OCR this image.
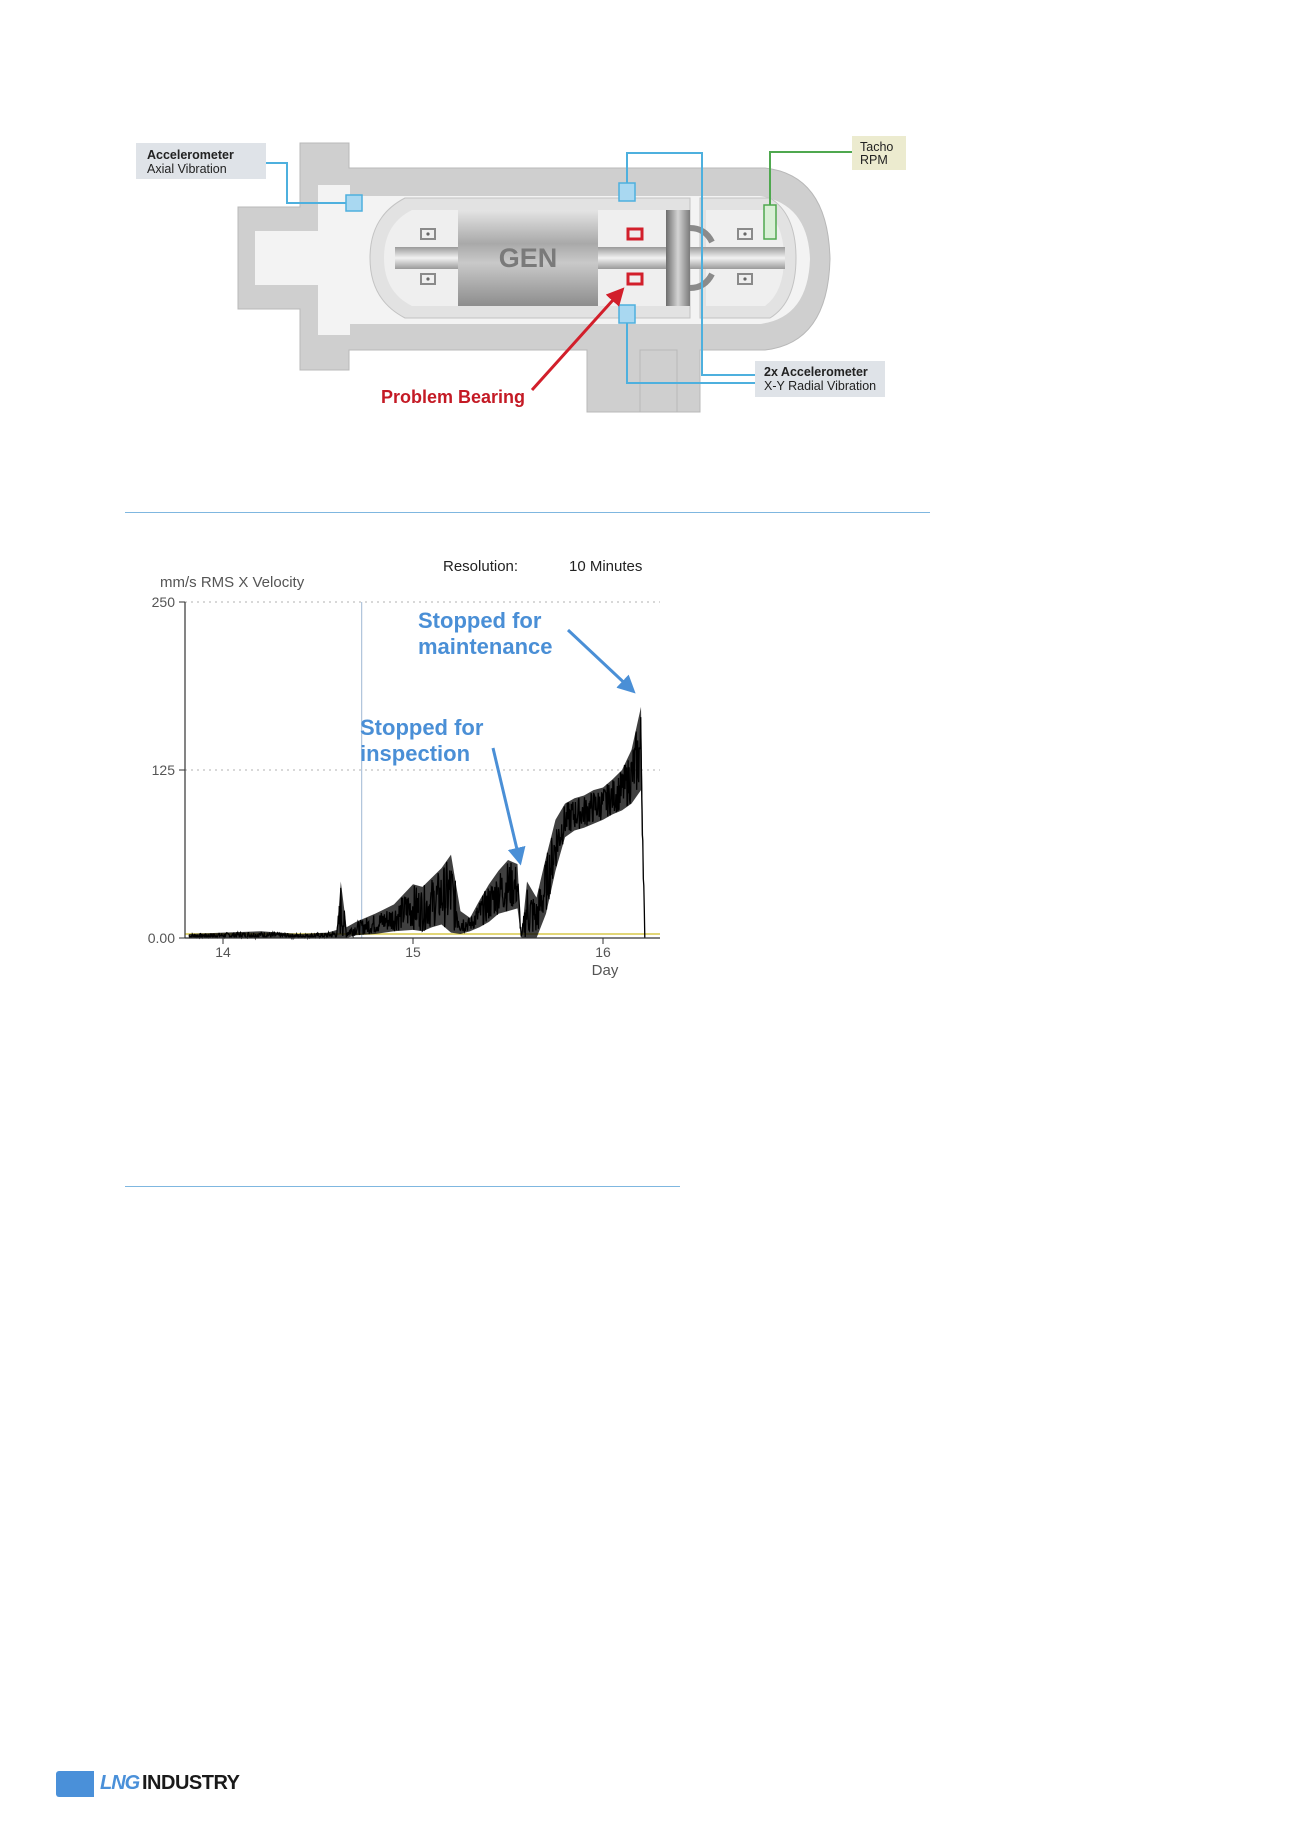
GEN
Accelerometer
Axial Vibration
Tacho
RPM
2x Accelerometer
X-Y Radial Vibration
Problem Bearing
250
125
0.00
14	15	16
Resolution:	10 Minutes
mm/s RMS X Velocity
Day
Stopped for
maintenance
Stopped for
inspection
LNG INDUSTRY
